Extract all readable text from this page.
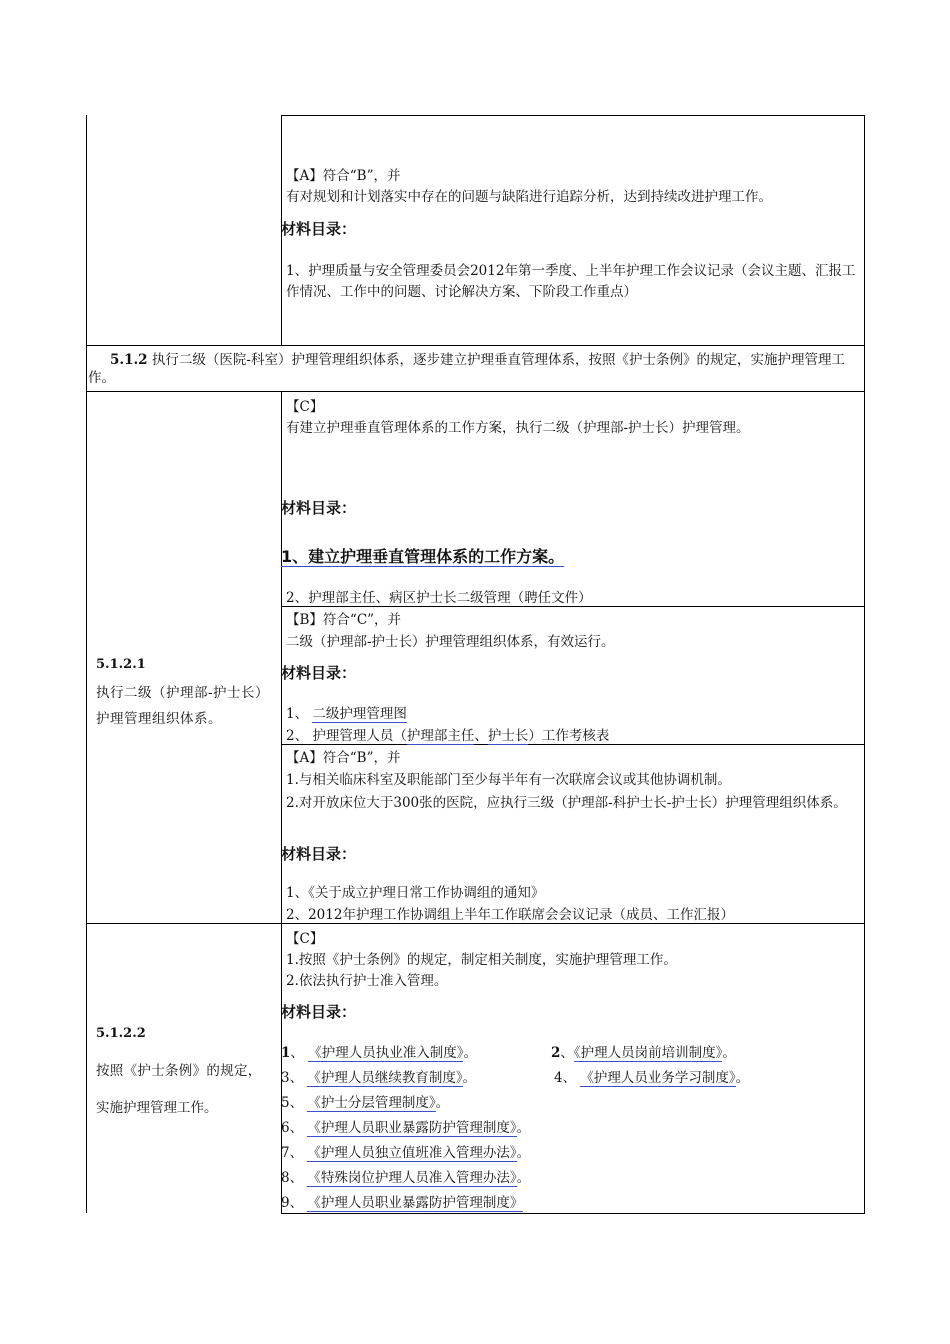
【A】符合“B”，并
有对规划和计划落实中存在的问题与缺陷进行追踪分析，达到持续改进护理工作。
材料目录：
1、护理质量与安全管理委员会2012年第一季度、上半年护理工作会议记录（会议主题、汇报工作情况、工作中的问题、讨论解决方案、下阶段工作重点）
5.1.2 执行二级（医院-科室）护理管理组织体系，逐步建立护理垂直管理体系，按照《护士条例》的规定，实施护理管理工作。
5.1.2.1
执行二级（护理部-护士长）护理管理组织体系。
【C】
有建立护理垂直管理体系的工作方案，执行二级（护理部-护士长）护理管理。
材料目录：
1、建立护理垂直管理体系的工作方案。
2、护理部主任、病区护士长二级管理（聘任文件）
【B】符合“C”，并
二级（护理部-护士长）护理管理组织体系，有效运行。
材料目录：
1、 二级护理管理图
2、 护理管理人员（护理部主任、护士长）工作考核表
【A】符合“B”，并
1.与相关临床科室及职能部门至少每半年有一次联席会议或其他协调机制。
2.对开放床位大于300张的医院，应执行三级（护理部-科护士长-护士长）护理管理组织体系。
材料目录：
1、《关于成立护理日常工作协调组的通知》
2、2012年护理工作协调组上半年工作联席会会议记录（成员、工作汇报）
5.1.2.2
按照《护士条例》的规定，
实施护理管理工作。
【C】
1.按照《护士条例》的规定，制定相关制度，实施护理管理工作。
2.依法执行护士准入管理。
材料目录：
1、 《护理人员执业准入制度》。	2、《护理人员岗前培训制度》。
3、 《护理人员继续教育制度》。	4、 《护理人员业务学习制度》。
5、 《护士分层管理制度》。
6、 《护理人员职业暴露防护管理制度》。
7、 《护理人员独立值班准入管理办法》。
8、 《特殊岗位护理人员准入管理办法》。
9、 《护理人员职业暴露防护管理制度》
